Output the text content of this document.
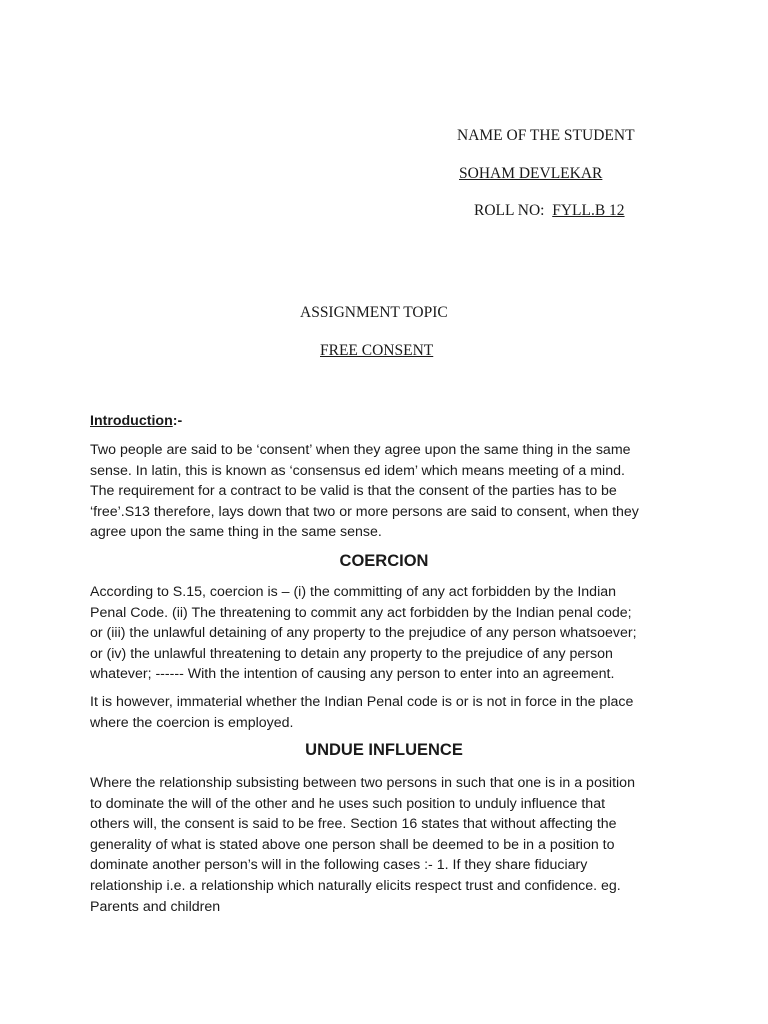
NAME OF THE STUDENT
SOHAM DEVLEKAR
ROLL NO: FYLL.B 12
ASSIGNMENT TOPIC
FREE CONSENT
Introduction:-
Two people are said to be ‘consent’ when they agree upon the same thing in the same
sense. In latin, this is known as ‘consensus ed idem’ which means meeting of a mind.
The requirement for a contract to be valid is that the consent of the parties has to be
‘free’.S13 therefore, lays down that two or more persons are said to consent, when they
agree upon the same thing in the same sense.
COERCION
According to S.15, coercion is – (i) the committing of any act forbidden by the Indian
Penal Code. (ii) The threatening to commit any act forbidden by the Indian penal code;
or (iii) the unlawful detaining of any property to the prejudice of any person whatsoever;
or (iv) the unlawful threatening to detain any property to the prejudice of any person
whatever; ------ With the intention of causing any person to enter into an agreement.
It is however, immaterial whether the Indian Penal code is or is not in force in the place
where the coercion is employed.
UNDUE INFLUENCE
Where the relationship subsisting between two persons in such that one is in a position
to dominate the will of the other and he uses such position to unduly influence that
others will, the consent is said to be free. Section 16 states that without affecting the
generality of what is stated above one person shall be deemed to be in a position to
dominate another person’s will in the following cases :- 1. If they share fiduciary
relationship i.e. a relationship which naturally elicits respect trust and confidence. eg.
Parents and children
